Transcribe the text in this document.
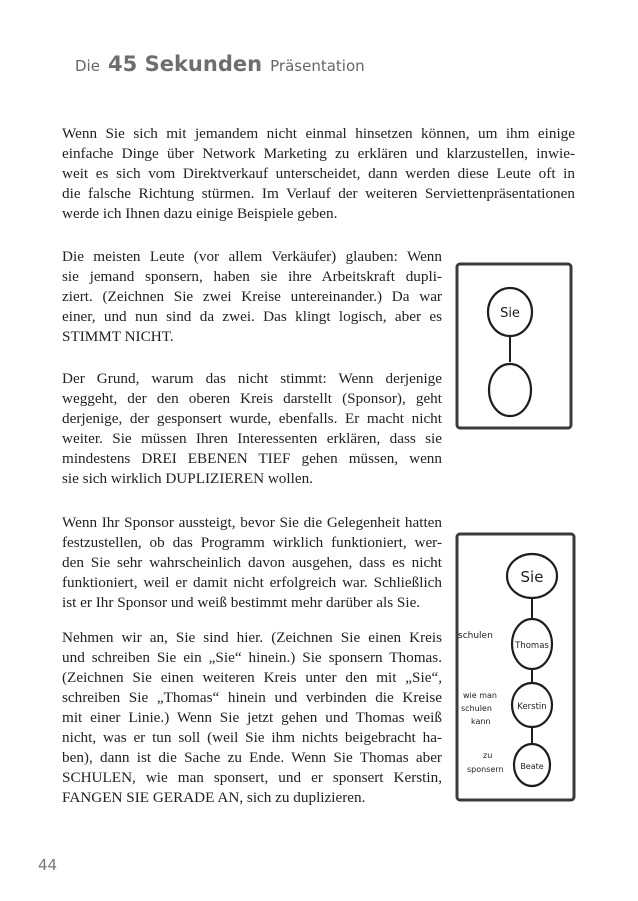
Die 45 Sekunden Präsentation
Wenn Sie sich mit jemandem nicht einmal hinsetzen können, um ihm einige
einfache Dinge über Network Marketing zu erklären und klarzustellen, inwie-
weit es sich vom Direktverkauf unterscheidet, dann werden diese Leute oft in
die falsche Richtung stürmen. Im Verlauf der weiteren Serviettenpräsentationen
werde ich Ihnen dazu einige Beispiele geben.
Die meisten Leute (vor allem Verkäufer) glauben: Wenn
sie jemand sponsern, haben sie ihre Arbeitskraft dupli-
ziert. (Zeichnen Sie zwei Kreise untereinander.) Da war
einer, und nun sind da zwei. Das klingt logisch, aber es
STIMMT NICHT.
Der Grund, warum das nicht stimmt: Wenn derjenige
weggeht, der den oberen Kreis darstellt (Sponsor), geht
derjenige, der gesponsert wurde, ebenfalls. Er macht nicht
weiter. Sie müssen Ihren Interessenten erklären, dass sie
mindestens DREI EBENEN TIEF gehen müssen, wenn
sie sich wirklich DUPLIZIEREN wollen.
Wenn Ihr Sponsor aussteigt, bevor Sie die Gelegenheit hatten
festzustellen, ob das Programm wirklich funktioniert, wer-
den Sie sehr wahrscheinlich davon ausgehen, dass es nicht
funktioniert, weil er damit nicht erfolgreich war. Schließlich
ist er Ihr Sponsor und weiß bestimmt mehr darüber als Sie.
Nehmen wir an, Sie sind hier. (Zeichnen Sie einen Kreis
und schreiben Sie ein „Sie“ hinein.) Sie sponsern Thomas.
(Zeichnen Sie einen weiteren Kreis unter den mit „Sie“,
schreiben Sie „Thomas“ hinein und verbinden die Kreise
mit einer Linie.) Wenn Sie jetzt gehen und Thomas weiß
nicht, was er tun soll (weil Sie ihm nichts beigebracht ha-
ben), dann ist die Sache zu Ende. Wenn Sie Thomas aber
SCHULEN, wie man sponsert, und er sponsert Kerstin,
FANGEN SIE GERADE AN, sich zu duplizieren.
Sie
Sie
Thomas
Kerstin
Beate
schulen
wie man
schulen
kann
zu
sponsern
44
